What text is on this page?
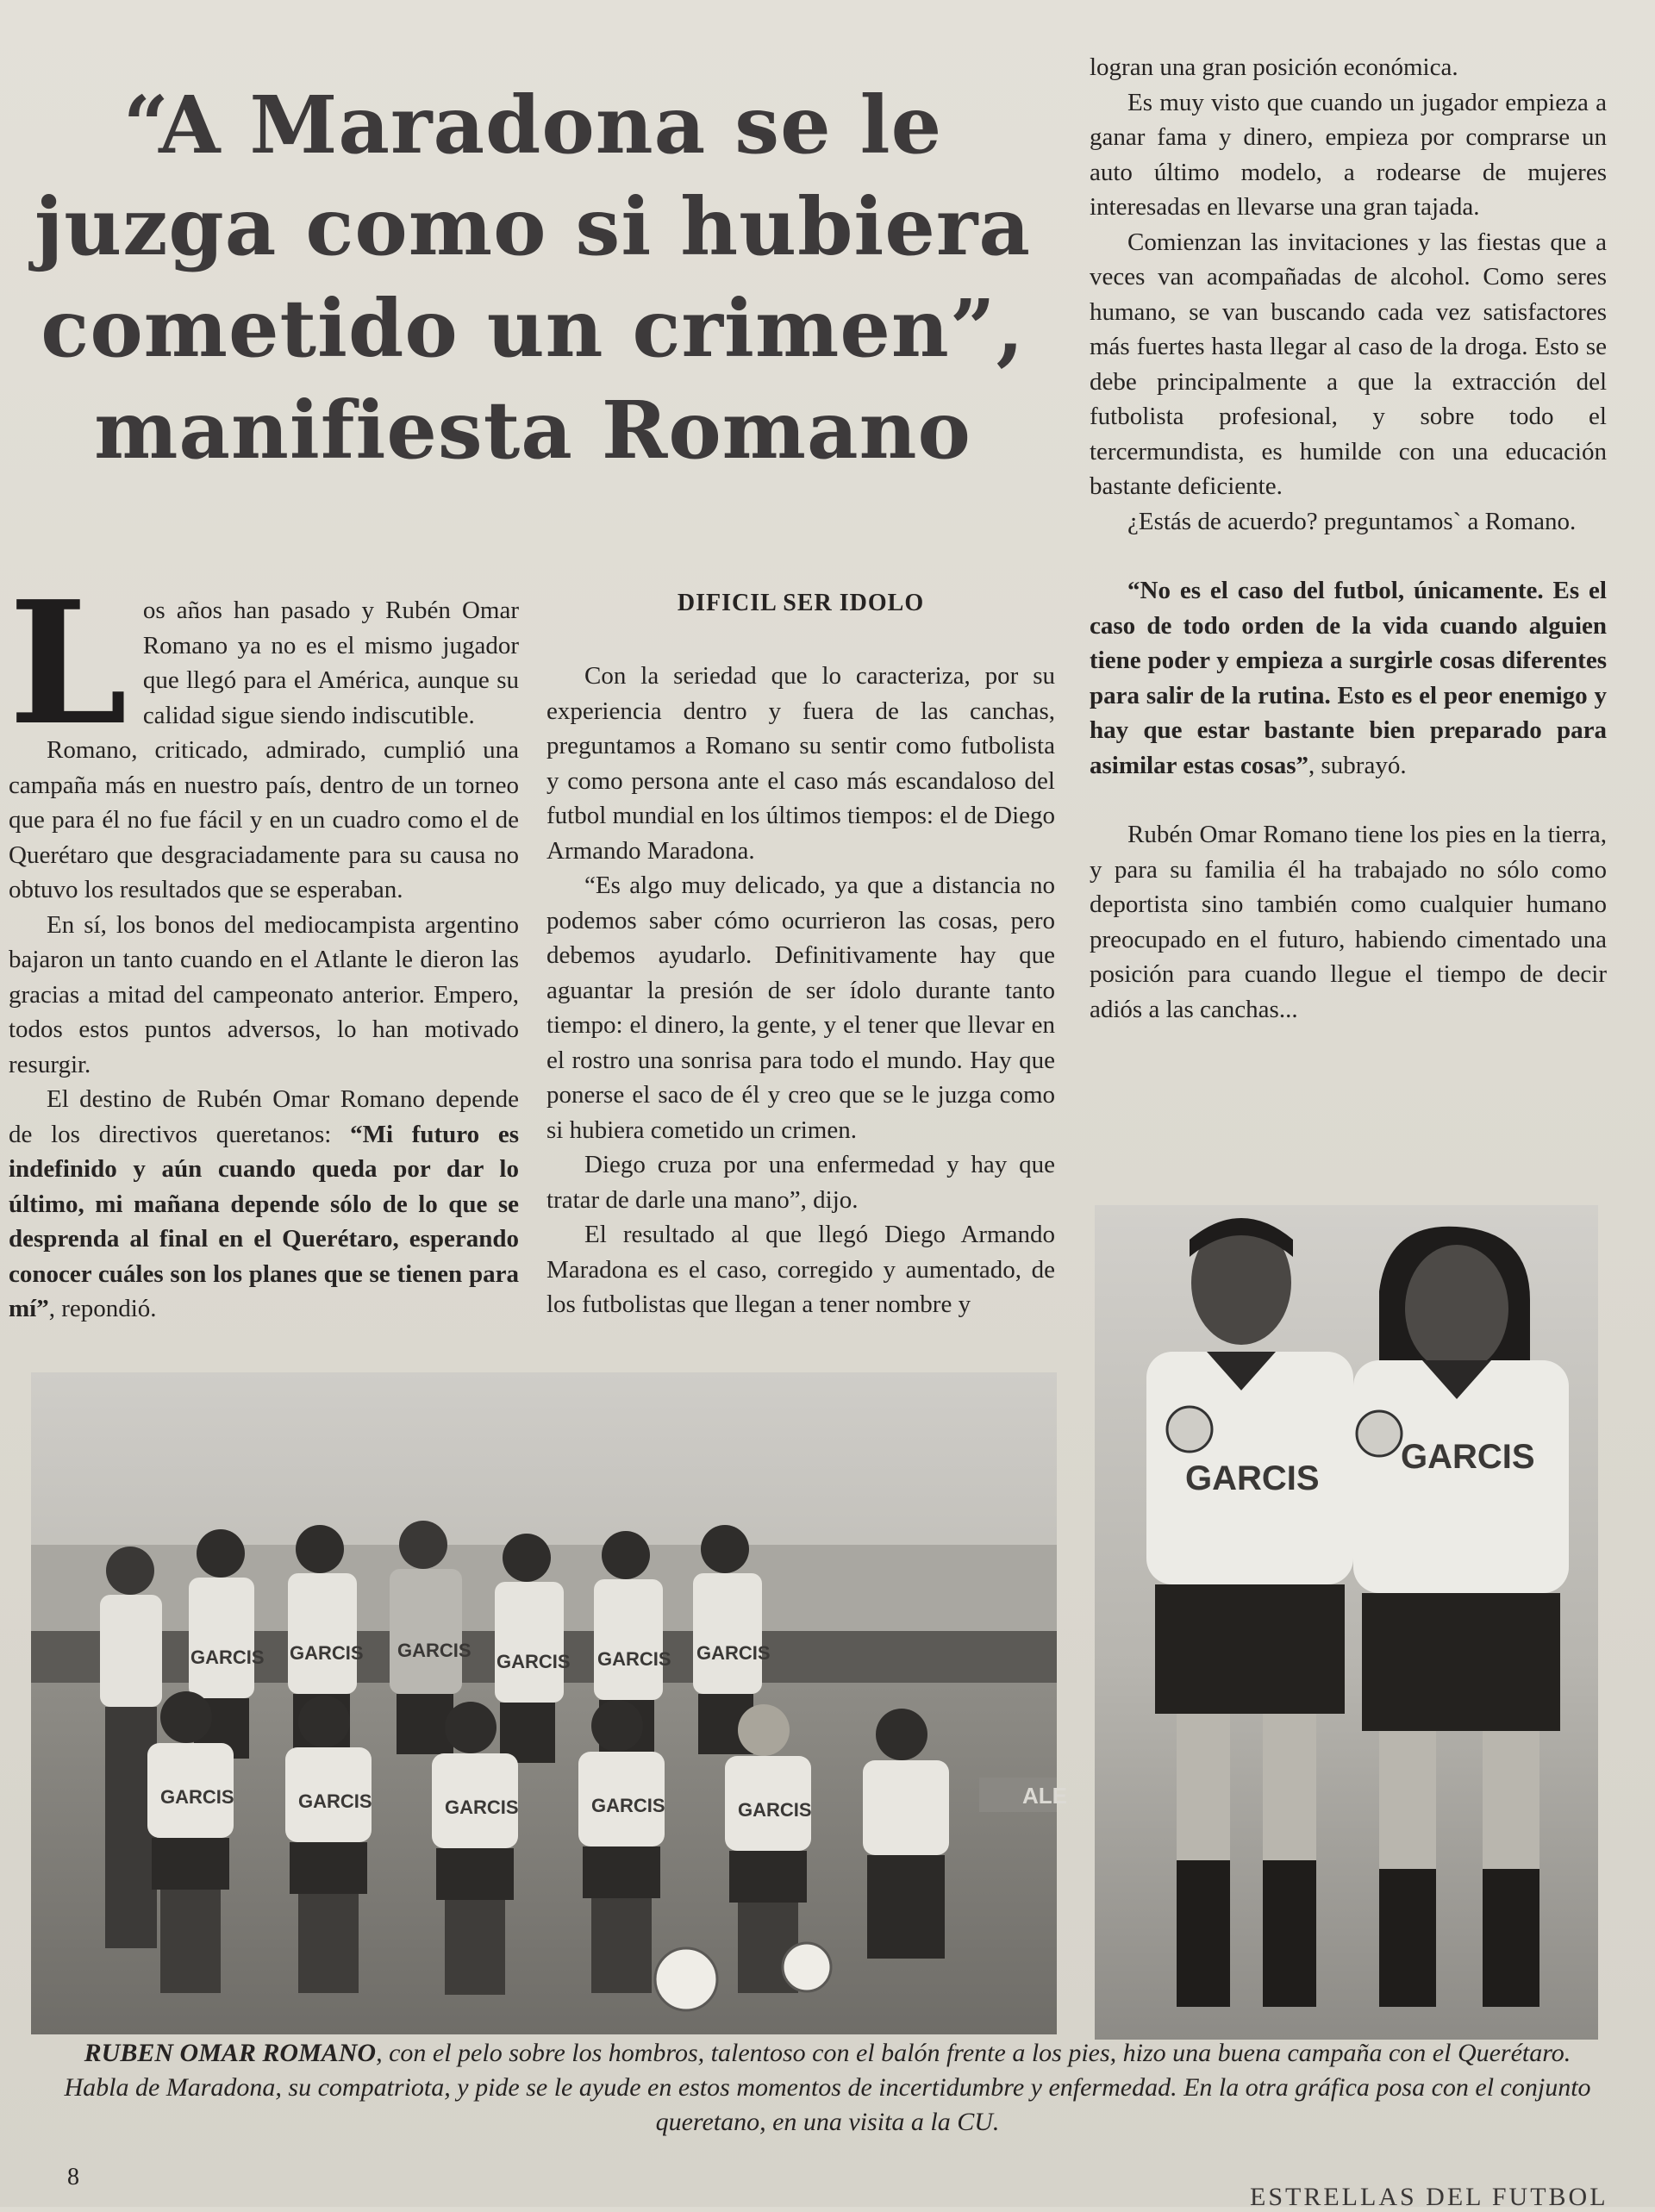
“A Maradona se le juzga como si hubiera cometido un crimen”, manifiesta Romano
L os años han pasado y Rubén Omar Romano ya no es el mismo jugador que llegó para el América, aunque su calidad sigue siendo indiscutible.

Romano, criticado, admirado, cumplió una campaña más en nuestro país, dentro de un torneo que para él no fue fácil y en un cuadro como el de Querétaro que desgraciadamente para su causa no obtuvo los resultados que se esperaban.

En sí, los bonos del mediocampista argentino bajaron un tanto cuando en el Atlante le dieron las gracias a mitad del campeonato anterior. Empero, todos estos puntos adversos, lo han motivado resurgir.

El destino de Rubén Omar Romano depende de los directivos queretanos: “Mi futuro es indefinido y aún cuando queda por dar lo último, mi mañana depende sólo de lo que se desprenda al final en el Querétaro, esperando conocer cuáles son los planes que se tienen para mí”, repondió.

DIFICIL SER IDOLO

Con la seriedad que lo caracteriza, por su experiencia dentro y fuera de las canchas, preguntamos a Romano su sentir como futbolista y como persona ante el caso más escandaloso del futbol mundial en los últimos tiempos: el de Diego Armando Maradona.

“Es algo muy delicado, ya que a distancia no podemos saber cómo ocurrieron las cosas, pero debemos ayudarlo. Definitivamente hay que aguantar la presión de ser ídolo durante tanto tiempo: el dinero, la gente, y el tener que llevar en el rostro una sonrisa para todo el mundo. Hay que ponerse el saco de él y creo que se le juzga como si hubiera cometido un crimen.

Diego cruza por una enfermedad y hay que tratar de darle una mano”, dijo.

El resultado al que llegó Diego Armando Maradona es el caso, corregido y aumentado, de los futbolistas que llegan a tener nombre y

logran una gran posición económica.

Es muy visto que cuando un jugador empieza a ganar fama y dinero, empieza por comprarse un auto último modelo, a rodearse de mujeres interesadas en llevarse una gran tajada.

Comienzan las invitaciones y las fiestas que a veces van acompañadas de alcohol. Como seres humano, se van buscando cada vez satisfactores más fuertes hasta llegar al caso de la droga. Esto se debe principalmente a que la extracción del futbolista profesional, y sobre todo el tercermundista, es humilde con una educación bastante deficiente.

¿Estás de acuerdo? preguntamos` a Romano.

“No es el caso del futbol, únicamente. Es el caso de todo orden de la vida cuando alguien tiene poder y empieza a surgirle cosas diferentes para salir de la rutina. Esto es el peor enemigo y hay que estar bastante bien preparado para asimilar estas cosas”, subrayó.

Rubén Omar Romano tiene los pies en la tierra, y para su familia él ha trabajado no sólo como deportista sino también como cualquier humano preocupado en el futuro, habiendo cimentado una posición para cuando llegue el tiempo de decir adiós a las canchas...

ALE
GARCIS GARCIS GARCIS
GARCIS GARCIS GARCIS
GARCIS	GARCIS	GARCIS	GARCIS	GARCIS
GARCIS
GARCIS
RUBEN OMAR ROMANO, con el pelo sobre los hombros, talentoso con el balón frente a los pies, hizo una buena campaña con el Querétaro. Habla de Maradona, su compatriota, y pide se le ayude en estos momentos de incertidumbre y enfermedad. En la otra gráfica posa con el conjunto queretano, en una visita a la CU.
8
ESTRELLAS DEL FUTBOL
